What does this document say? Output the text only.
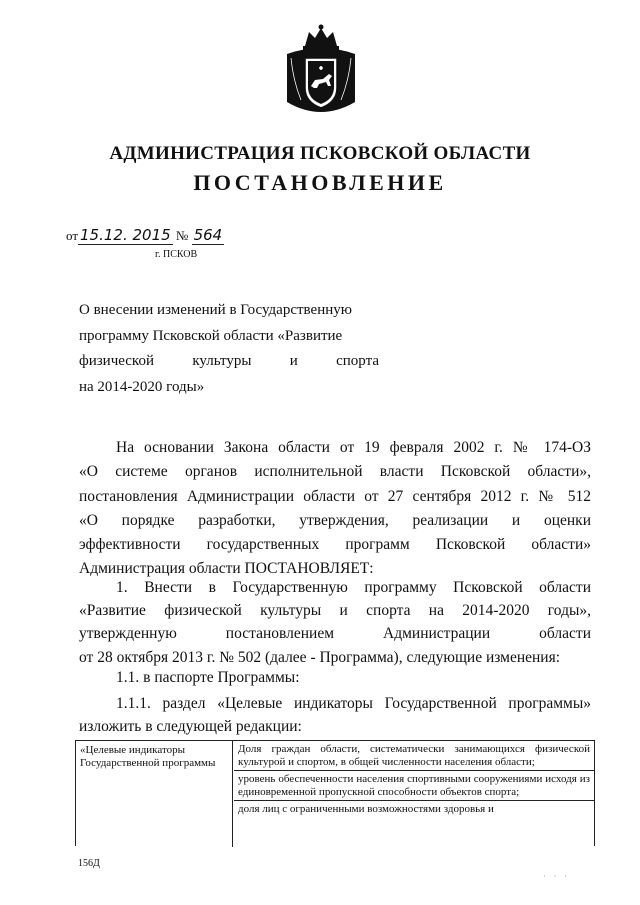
АДМИНИСТРАЦИЯ ПСКОВСКОЙ ОБЛАСТИ
ПОСТАНОВЛЕНИЕ
от 15.12. 2015 № 564
г. ПСКОВ
О внесении изменений в Государственную
программу Псковской области «Развитие
физической культуры и спорта
на 2014-2020 годы»
На основании Закона области от 19 февраля 2002 г. № 174-ОЗ
«О системе органов исполнительной власти Псковской области»,
постановления Администрации области от 27 сентября 2012 г. № 512
«О порядке разработки, утверждения, реализации и оценки
эффективности государственных программ Псковской области»
Администрация области ПОСТАНОВЛЯЕТ:
1. Внести в Государственную программу Псковской области
«Развитие физической культуры и спорта на 2014-2020 годы»,
утвержденную постановлением Администрации области
от 28 октября 2013 г. № 502 (далее - Программа), следующие изменения:
1.1. в паспорте Программы:
1.1.1. раздел «Целевые индикаторы Государственной программы»
изложить в следующей редакции:
«Целевые индикаторы Государственной программы
Доля граждан области, систематически занимающихся физической культурой и спортом, в общей численности населения области;
уровень обеспеченности населения спортивными сооружениями исходя из единовременной пропускной способности объектов спорта;
доля лиц с ограниченными возможностями здоровья и
156Д
· · ·
